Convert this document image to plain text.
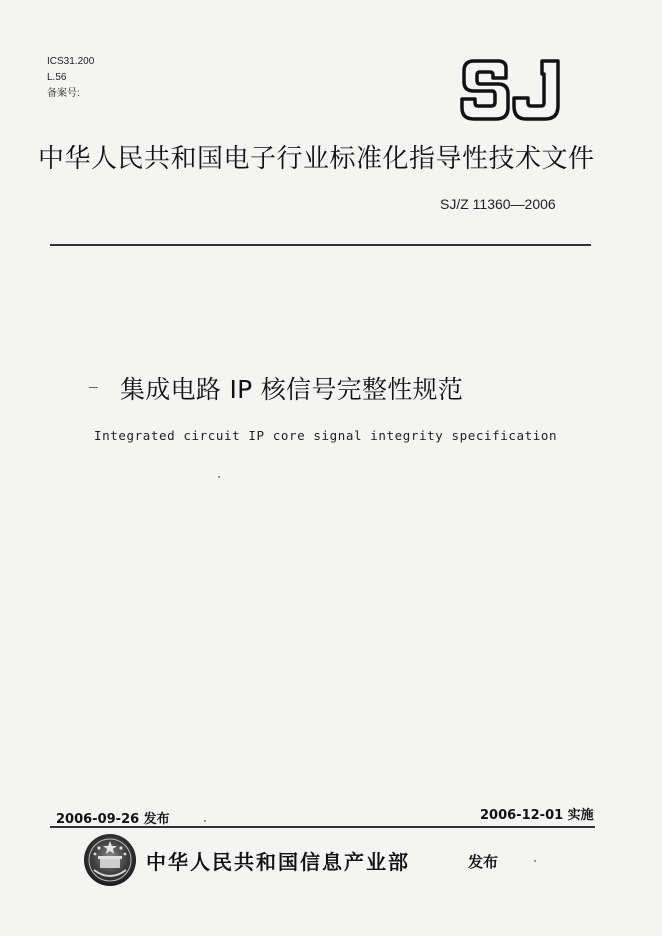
ICS31.200
L.56
备案号:
中华人民共和国电子行业标准化指导性技术文件
SJ/Z 11360—2006
集成电路 IP 核信号完整性规范
Integrated circuit IP core signal integrity specification
2006-09-26 发布	2006-12-01 实施
中华人民共和国信息产业部	发布
